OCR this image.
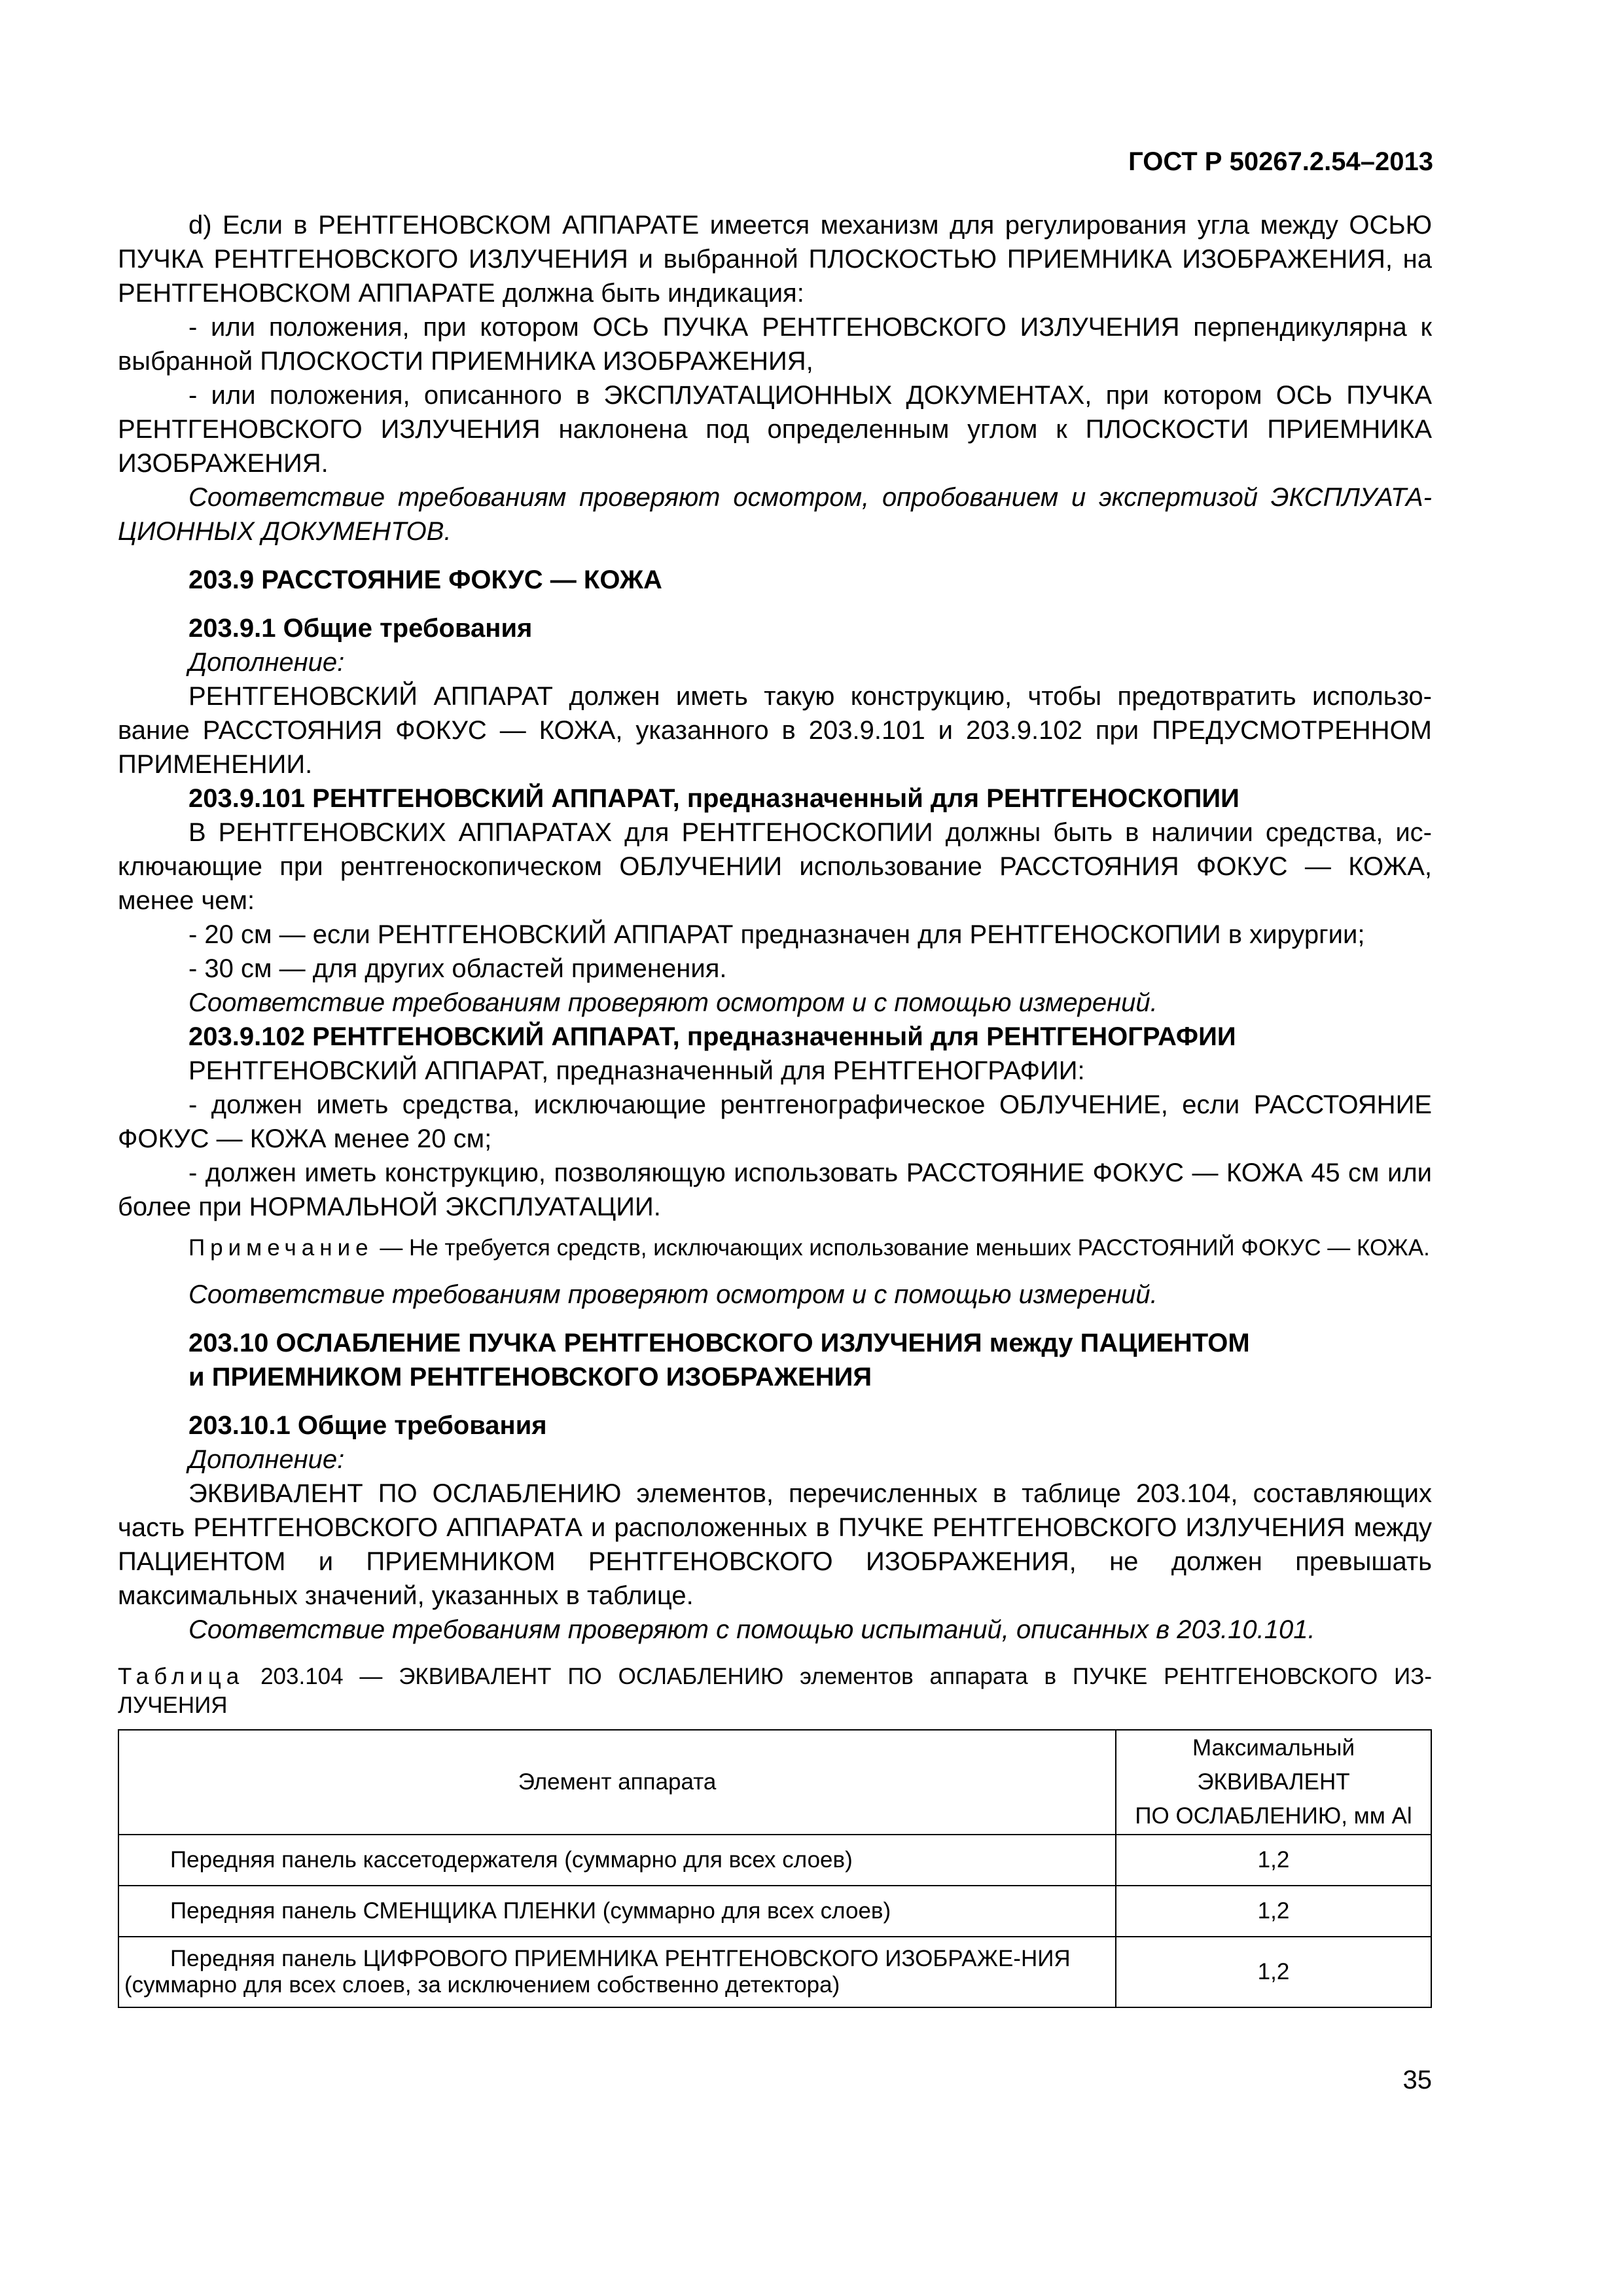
ГОСТ Р 50267.2.54–2013

d) Если в РЕНТГЕНОВСКОМ АППАРАТЕ имеется механизм для регулирования угла между ОСЬЮ ПУЧКА РЕНТГЕНОВСКОГО ИЗЛУЧЕНИЯ и выбранной ПЛОСКОСТЬЮ ПРИЕМНИКА ИЗОБРАЖЕНИЯ, на РЕНТГЕНОВСКОМ АППАРАТЕ должна быть индикация:

- или положения, при котором ОСЬ ПУЧКА РЕНТГЕНОВСКОГО ИЗЛУЧЕНИЯ перпендикулярна к выбранной ПЛОСКОСТИ ПРИЕМНИКА ИЗОБРАЖЕНИЯ,

- или положения, описанного в ЭКСПЛУАТАЦИОННЫХ ДОКУМЕНТАХ, при котором ОСЬ ПУЧКА РЕНТГЕНОВСКОГО ИЗЛУЧЕНИЯ наклонена под определенным углом к ПЛОСКОСТИ ПРИЕМНИКА ИЗОБРАЖЕНИЯ.

Соответствие требованиям проверяют осмотром, опробованием и экспертизой ЭКСПЛУАТА-ЦИОННЫХ ДОКУМЕНТОВ.

203.9 РАССТОЯНИЕ ФОКУС — КОЖА

203.9.1 Общие требования

Дополнение:

РЕНТГЕНОВСКИЙ АППАРАТ должен иметь такую конструкцию, чтобы предотвратить использо-вание РАССТОЯНИЯ ФОКУС — КОЖА, указанного в 203.9.101 и 203.9.102 при ПРЕДУСМОТРЕННОМ ПРИМЕНЕНИИ.

203.9.101 РЕНТГЕНОВСКИЙ АППАРАТ, предназначенный для РЕНТГЕНОСКОПИИ

В РЕНТГЕНОВСКИХ АППАРАТАХ для РЕНТГЕНОСКОПИИ должны быть в наличии средства, ис-ключающие при рентгеноскопическом ОБЛУЧЕНИИ использование РАССТОЯНИЯ ФОКУС — КОЖА, менее чем:

- 20 см — если РЕНТГЕНОВСКИЙ АППАРАТ предназначен для РЕНТГЕНОСКОПИИ в хирургии;

- 30 см — для других областей применения.

Соответствие требованиям проверяют осмотром и с помощью измерений.

203.9.102 РЕНТГЕНОВСКИЙ АППАРАТ, предназначенный для РЕНТГЕНОГРАФИИ

РЕНТГЕНОВСКИЙ АППАРАТ, предназначенный для РЕНТГЕНОГРАФИИ:

- должен иметь средства, исключающие рентгенографическое ОБЛУЧЕНИЕ, если РАССТОЯНИЕ ФОКУС — КОЖА менее 20 см;

- должен иметь конструкцию, позволяющую использовать РАССТОЯНИЕ ФОКУС — КОЖА 45 см или более при НОРМАЛЬНОЙ ЭКСПЛУАТАЦИИ.

Примечание — Не требуется средств, исключающих использование меньших РАССТОЯНИЙ ФОКУС — КОЖА.

Соответствие требованиям проверяют осмотром и с помощью измерений.

203.10 ОСЛАБЛЕНИЕ ПУЧКА РЕНТГЕНОВСКОГО ИЗЛУЧЕНИЯ между ПАЦИЕНТОМ
и ПРИЕМНИКОМ РЕНТГЕНОВСКОГО ИЗОБРАЖЕНИЯ

203.10.1 Общие требования

Дополнение:

ЭКВИВАЛЕНТ ПО ОСЛАБЛЕНИЮ элементов, перечисленных в таблице 203.104, составляющих часть РЕНТГЕНОВСКОГО АППАРАТА и расположенных в ПУЧКЕ РЕНТГЕНОВСКОГО ИЗЛУЧЕНИЯ между ПАЦИЕНТОМ и ПРИЕМНИКОМ РЕНТГЕНОВСКОГО ИЗОБРАЖЕНИЯ, не должен превышать максимальных значений, указанных в таблице.

Соответствие требованиям проверяют с помощью испытаний, описанных в 203.10.101.

Таблица 203.104 — ЭКВИВАЛЕНТ ПО ОСЛАБЛЕНИЮ элементов аппарата в ПУЧКЕ РЕНТГЕНОВСКОГО ИЗ-ЛУЧЕНИЯ

Элемент аппарата	Максимальный
ЭКВИВАЛЕНТ
ПО ОСЛАБЛЕНИЮ, мм Al

Передняя панель кассетодержателя (суммарно для всех слоев)	1,2
Передняя панель СМЕНЩИКА ПЛЕНКИ (суммарно для всех слоев)	1,2
Передняя панель ЦИФРОВОГО ПРИЕМНИКА РЕНТГЕНОВСКОГО ИЗОБРАЖЕ-НИЯ (суммарно для всех слоев, за исключением собственно детектора)	1,2
35
